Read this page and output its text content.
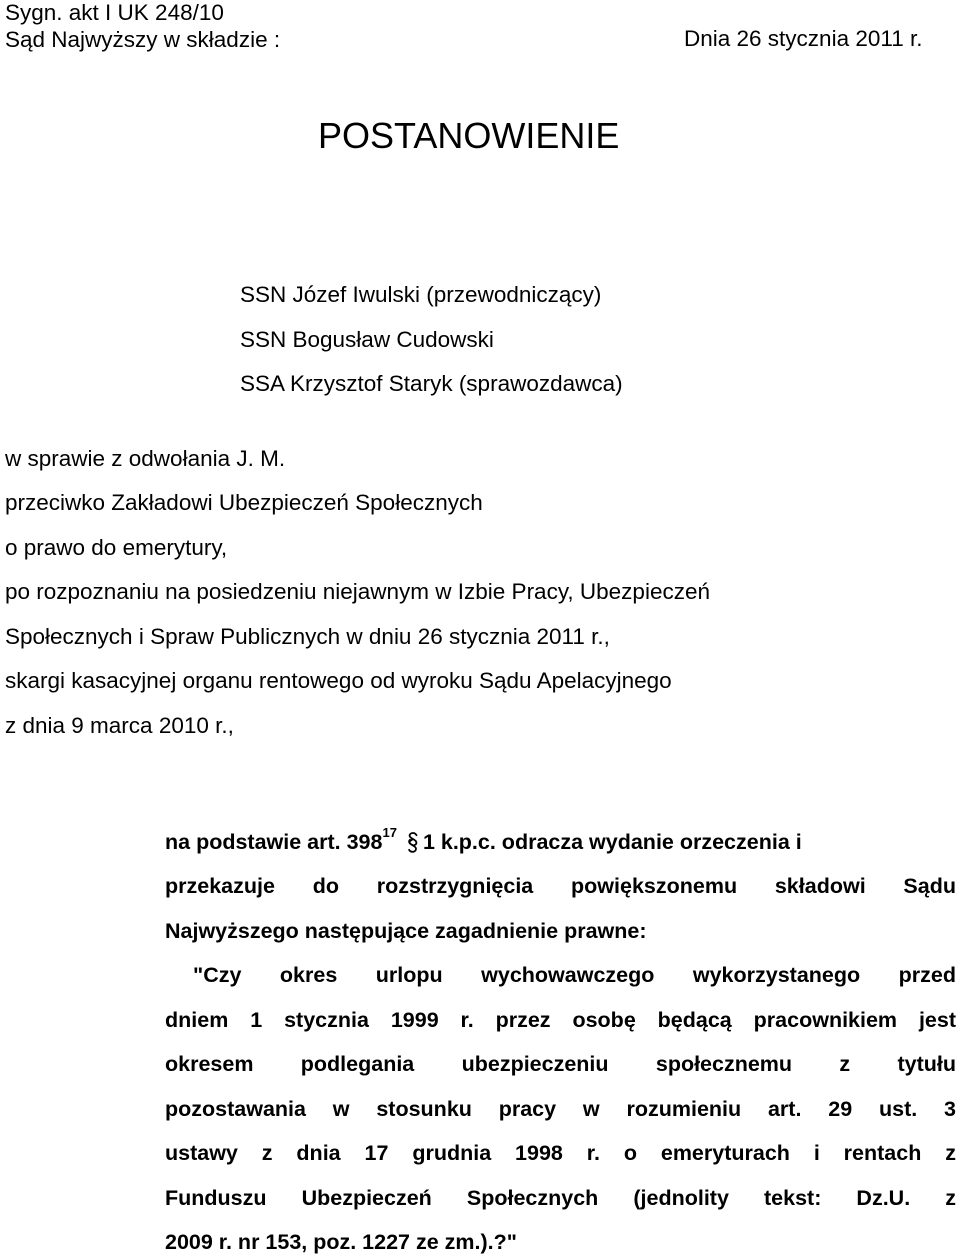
Sygn. akt I UK 248/10
POSTANOWIENIE
Sąd Najwyższy w składzie :	Dnia 26 stycznia 2011 r.
SSN Józef Iwulski (przewodniczący)
SSN Bogusław Cudowski
SSA Krzysztof Staryk (sprawozdawca)
w sprawie z odwołania J. M.
przeciwko Zakładowi Ubezpieczeń Społecznych
o prawo do emerytury,
po rozpoznaniu na posiedzeniu niejawnym w Izbie Pracy, Ubezpieczeń
Społecznych i Spraw Publicznych w dniu 26 stycznia 2011 r.,
skargi kasacyjnej organu rentowego od wyroku Sądu Apelacyjnego
z dnia 9 marca 2010 r.,
na podstawie art. $398^{17}$ 1 k.p.c. odracza wydanie orzeczenia i
przekazuje do rozstrzygnięcia powiększonemu składowi Sądu
Najwyższego następujące zagadnienie prawne:
"Czy okres urlopu wychowawczego wykorzystanego przed
dniem 1 stycznia 1999 r. przez osobę będącą pracownikiem jest
okresem podlegania ubezpieczeniu społecznemu z tytułu
pozostawania w stosunku pracy w rozumieniu art. 29 ust. 3
ustawy z dnia 17 grudnia 1998 r. o emeryturach i rentach z
Funduszu Ubezpieczeń Społecznych (jednolity tekst: Dz.U. z
2009 r. nr 153, poz. 1227 ze zm.).?"
